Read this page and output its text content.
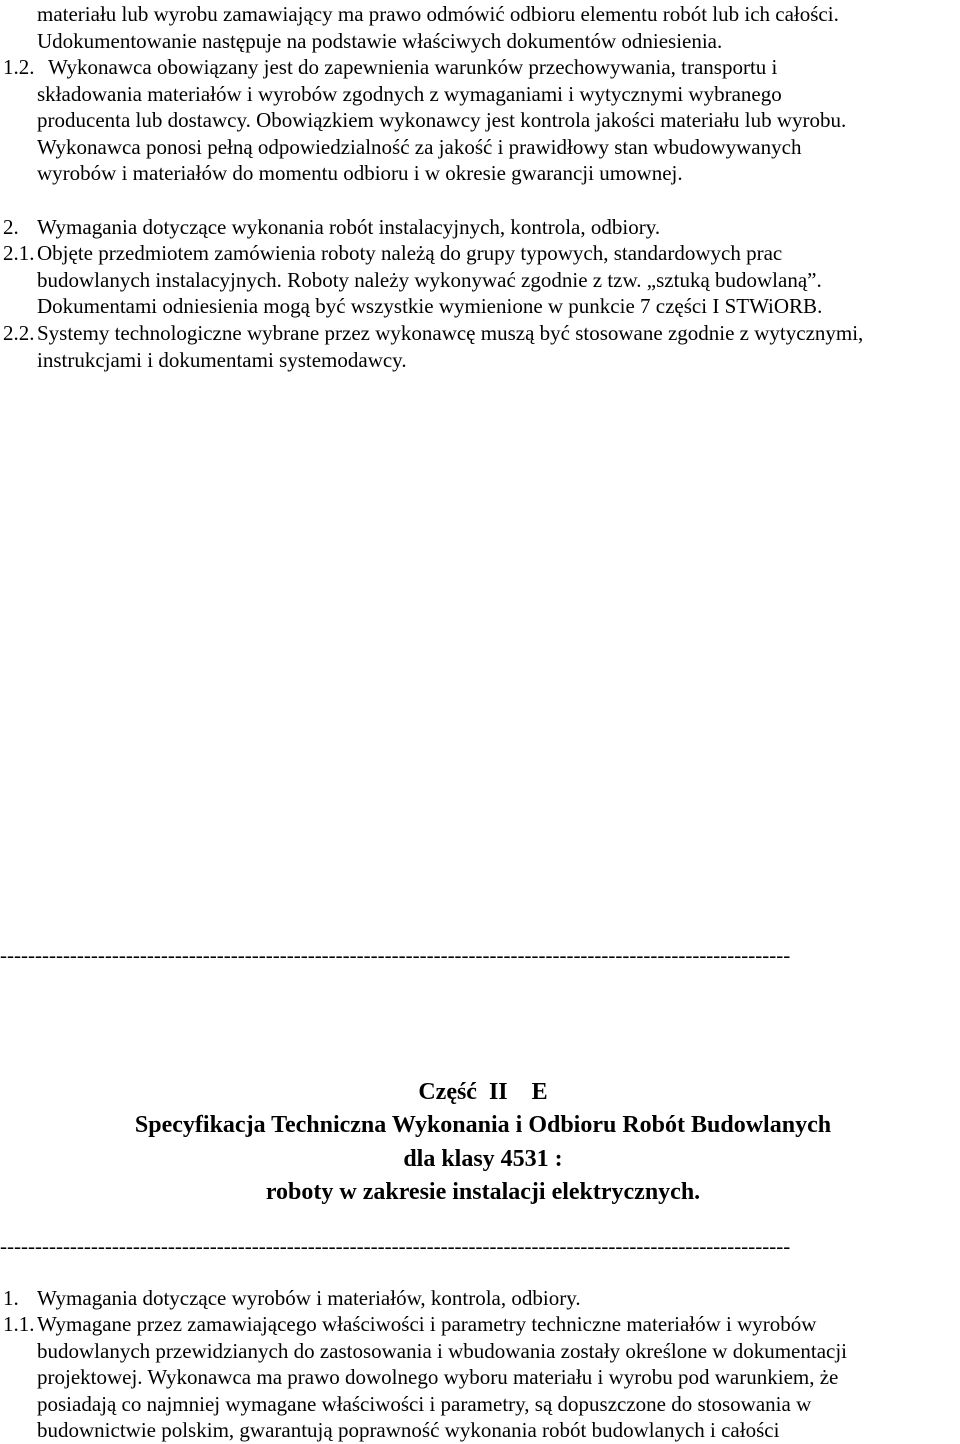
materiału lub wyrobu zamawiający ma prawo odmówić odbioru elementu robót lub ich całości.
Udokumentowanie następuje na podstawie właściwych dokumentów odniesienia.
1.2. Wykonawca obowiązany jest do zapewnienia warunków przechowywania, transportu i
składowania materiałów i wyrobów zgodnych z wymaganiami i wytycznymi wybranego
producenta lub dostawcy. Obowiązkiem wykonawcy jest kontrola jakości materiału lub wyrobu.
Wykonawca ponosi pełną odpowiedzialność za jakość i prawidłowy stan wbudowywanych
wyrobów i materiałów do momentu odbioru i w okresie gwarancji umownej.
2. Wymagania dotyczące wykonania robót instalacyjnych, kontrola, odbiory.
2.1. Objęte przedmiotem zamówienia roboty należą do grupy typowych, standardowych prac
budowlanych instalacyjnych. Roboty należy wykonywać zgodnie z tzw. „sztuką budowlaną”.
Dokumentami odniesienia mogą być wszystkie wymienione w punkcie 7 części I STWiORB.
2.2. Systemy technologiczne wybrane przez wykonawcę muszą być stosowane zgodnie z wytycznymi,
instrukcjami i dokumentami systemodawcy.
-----------------------------------------------------------------------------------------------------------------
Część  II    E
Specyfikacja Techniczna Wykonania i Odbioru Robót Budowlanych
dla klasy 4531 :
roboty w zakresie instalacji elektrycznych.
-----------------------------------------------------------------------------------------------------------------
1. Wymagania dotyczące wyrobów i materiałów, kontrola, odbiory.
1.1. Wymagane przez zamawiającego właściwości i parametry techniczne materiałów i wyrobów
budowlanych przewidzianych do zastosowania i wbudowania zostały określone w dokumentacji
projektowej. Wykonawca ma prawo dowolnego wyboru materiału i wyrobu pod warunkiem, że
posiadają co najmniej wymagane właściwości i parametry, są dopuszczone do stosowania w
budownictwie polskim, gwarantują poprawność wykonania robót budowlanych i całości
